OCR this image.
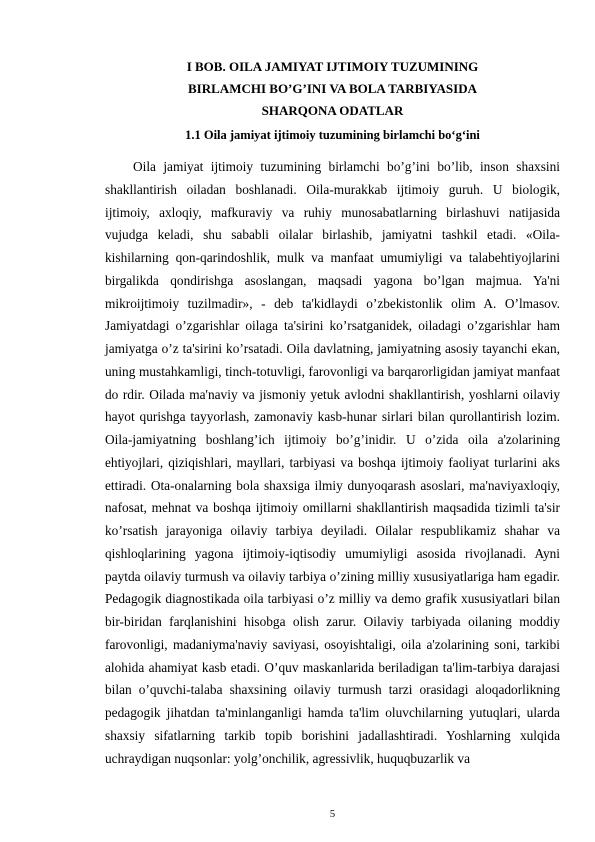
I BOB. OILA JAMIYAT IJTIMOIY TUZUMINING
BIRLAMCHI BO’G’INI VA BOLA TARBIYASIDA
SHARQONA ODATLAR
1.1 Oila jamiyat ijtimoiy tuzumining birlamchi bo‘g‘ini

Oila jamiyat ijtimoiy tuzumining birlamchi bo’g’ini bo’lib, inson shaxsini shakllantirish oiladan boshlanadi. Oila-murakkab ijtimoiy guruh. U biologik, ijtimoiy, axloqiy, mafkuraviy va ruhiy munosabatlarning birlashuvi natijasida vujudga keladi, shu sababli oilalar birlashib, jamiyatni tashkil etadi. «Oila-kishilarning qon-qarindoshlik, mulk va manfaat umumiyligi va talabehtiyojlarini birgalikda qondirishga asoslangan, maqsadi yagona bo’lgan majmua. Ya'ni mikroijtimoiy tuzilmadir», - deb ta'kidlaydi o’zbekistonlik olim A. O’lmasov. Jamiyatdagi o’zgarishlar oilaga ta'sirini ko’rsatganidek, oiladagi o’zgarishlar ham jamiyatga o’z ta'sirini ko’rsatadi. Oila davlatning, jamiyatning asosiy tayanchi ekan, uning mustahkamligi, tinch-totuvligi, farovonligi va barqarorligidan jamiyat manfaat do rdir. Oilada ma'naviy va jismoniy yetuk avlodni shakllantirish, yoshlarni oilaviy hayot qurishga tayyorlash, zamonaviy kasb-hunar sirlari bilan qurollantirish lozim. Oila-jamiyatning boshlang’ich ijtimoiy bo’g’inidir. U o’zida oila a'zolarining ehtiyojlari, qiziqishlari, mayllari, tarbiyasi va boshqa ijtimoiy faoliyat turlarini aks ettiradi. Ota-onalarning bola shaxsiga ilmiy dunyoqarash asoslari, ma'naviyaxloqiy, nafosat, mehnat va boshqa ijtimoiy omillarni shakllantirish maqsadida tizimli ta'sir ko’rsatish jarayoniga oilaviy tarbiya deyiladi. Oilalar respublikamiz shahar va qishloqlarining yagona ijtimoiy-iqtisodiy umumiyligi asosida rivojlanadi. Ayni paytda oilaviy turmush va oilaviy tarbiya o’zining milliy xususiyatlariga ham egadir. Pedagogik diagnostikada oila tarbiyasi o’z milliy va demo grafik xususiyatlari bilan bir-biridan farqlanishini hisobga olish zarur. Oilaviy tarbiyada oilaning moddiy farovonligi, madaniyma'naviy saviyasi, osoyishtaligi, oila a'zolarining soni, tarkibi alohida ahamiyat kasb etadi. O’quv maskanlarida beriladigan ta'lim-tarbiya darajasi bilan o’quvchi-talaba shaxsining oilaviy turmush tarzi orasidagi aloqadorlikning pedagogik jihatdan ta'minlanganligi hamda ta'lim oluvchilarning yutuqlari, ularda shaxsiy sifatlarning tarkib topib borishini jadallashtiradi. Yoshlarning xulqida uchraydigan nuqsonlar: yolg’onchilik, agressivlik, huquqbuzarlik va

5
